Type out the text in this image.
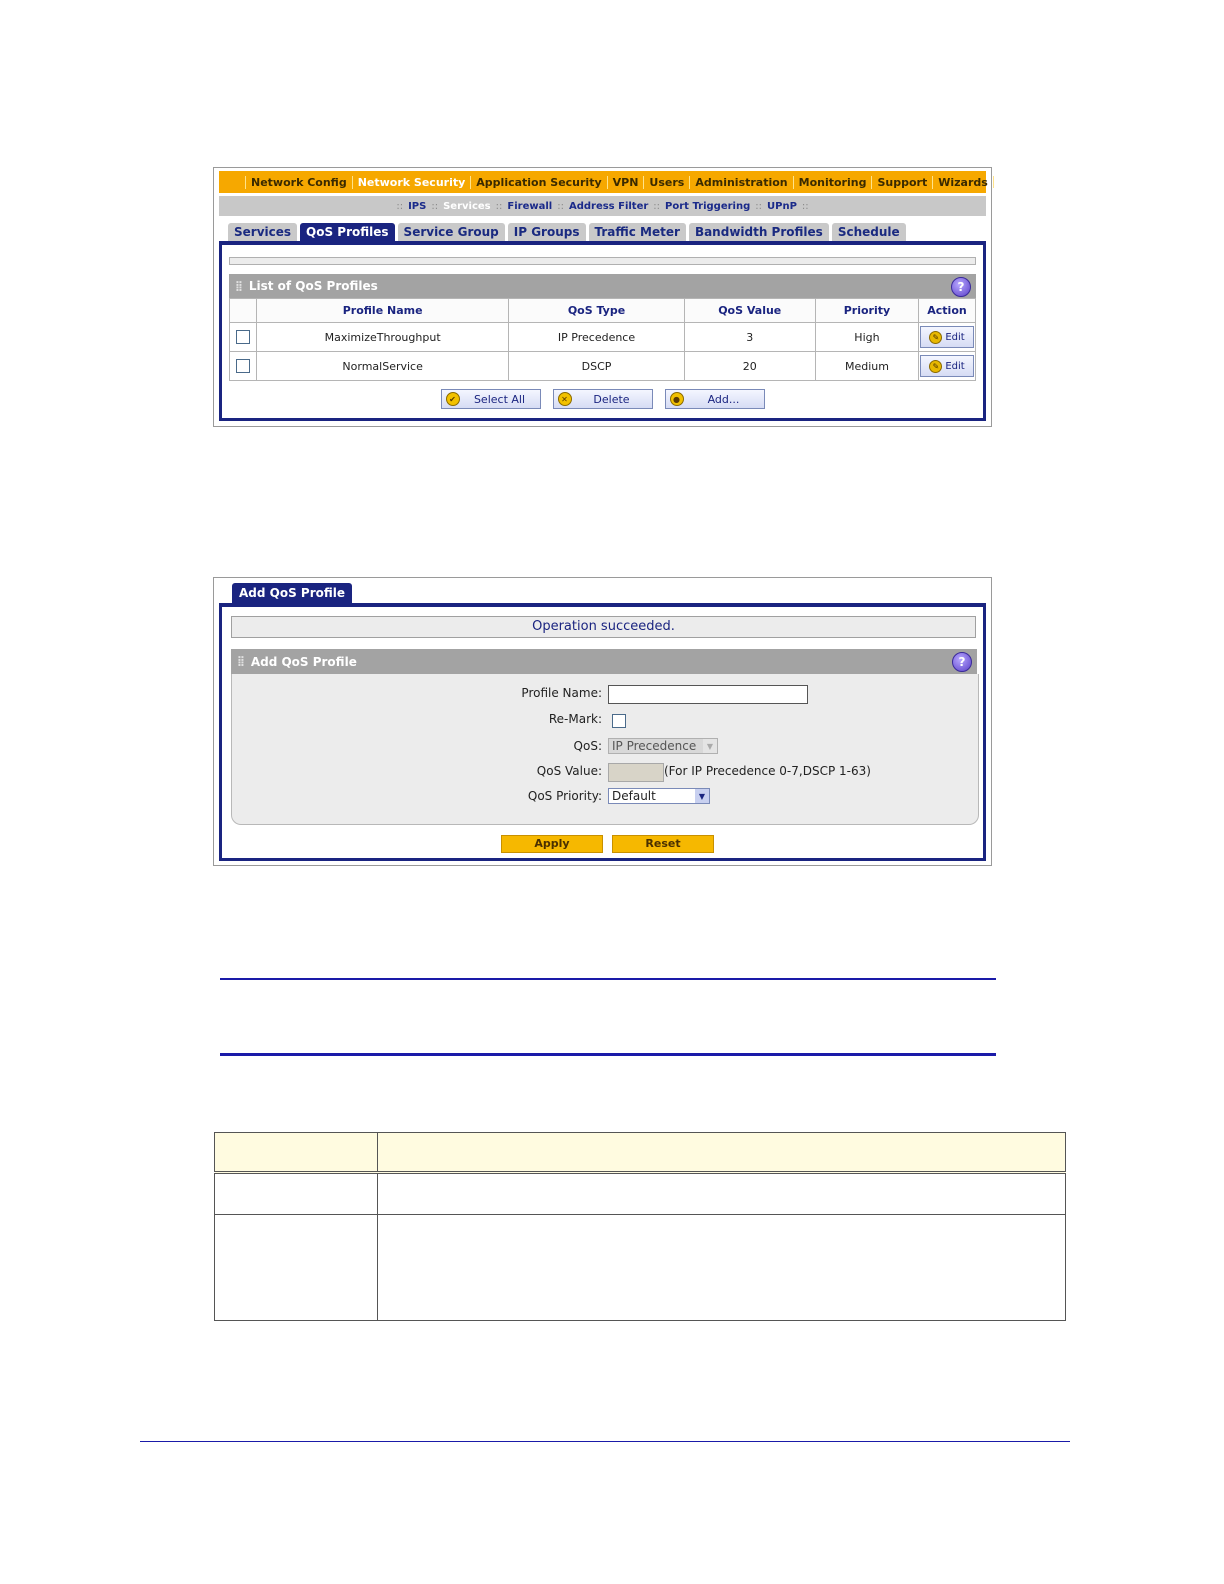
Network Config	Network Security	Application Security	VPN	Users	Administration	Monitoring	Support	Wizards
:: IPS :: Services :: Firewall :: Address Filter :: Port Triggering :: UPnP ::
Services	QoS Profiles	Service Group	IP Groups	Traffic Meter	Bandwidth Profiles	Schedule
⣿ List of QoS Profiles	?
	Profile Name	QoS Type	QoS Value	Priority	Action
	MaximizeThroughput	IP Precedence	3	High	✎ Edit

	NormalService	DSCP	20	Medium	✎ Edit
✔	Select All	✕	Delete	●	Add...
Add QoS Profile
Operation succeeded.
⣿ Add QoS Profile	?
Profile Name:
Re-Mark:
QoS: IP Precedence	▼
QoS Value:	(For IP Precedence 0-7,DSCP 1-63)
QoS Priority: Default	▼
Apply	Reset
